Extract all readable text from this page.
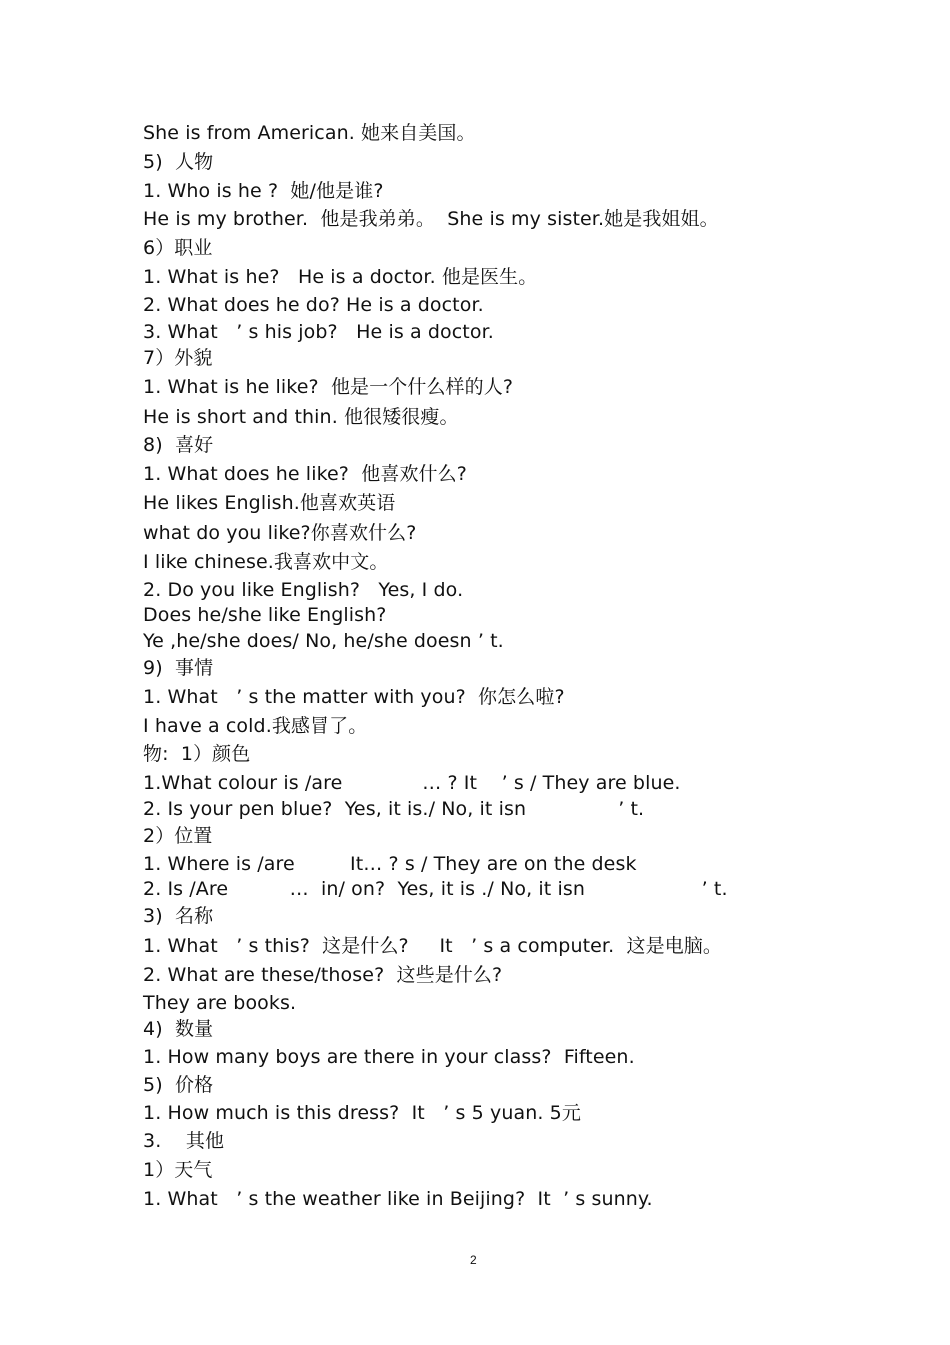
She is from American. 她来自美国。
5)  人物
1. Who is he ?  她/他是谁?
He is my brother.  他是我弟弟。  She is my sister.她是我姐姐。
6）职业
1. What is he?   He is a doctor. 他是医生。
2. What does he do? He is a doctor.
3. What   ’ s his job?   He is a doctor.
7）外貌
1. What is he like?  他是一个什么样的人?
He is short and thin. 他很矮很瘦。
8)  喜好
1. What does he like?  他喜欢什么?
He likes English.他喜欢英语
what do you like?你喜欢什么?
I like chinese.我喜欢中文。
2. Do you like English?   Yes, I do.
Does he/she like English?
Ye ,he/she does/ No, he/she doesn ’ t.
9)  事情
1. What   ’ s the matter with you?  你怎么啦?
I have a cold.我感冒了。
物:  1）颜色
1.What colour is /are             … ? It    ’ s / They are blue.
2. Is your pen blue?  Yes, it is./ No, it isn               ’ t.
2）位置
1. Where is /are         It… ? s / They are on the desk
2. Is /Are          …  in/ on?  Yes, it is ./ No, it isn                   ’ t.
3)  名称
1. What   ’ s this?  这是什么?     It   ’ s a computer.  这是电脑。
2. What are these/those?  这些是什么?
They are books.
4)  数量
1. How many boys are there in your class?  Fifteen.
5)  价格
1. How much is this dress?  It   ’ s 5 yuan. 5元
3.    其他
1）天气
1. What   ’ s the weather like in Beijing?  It  ’ s sunny.
2
